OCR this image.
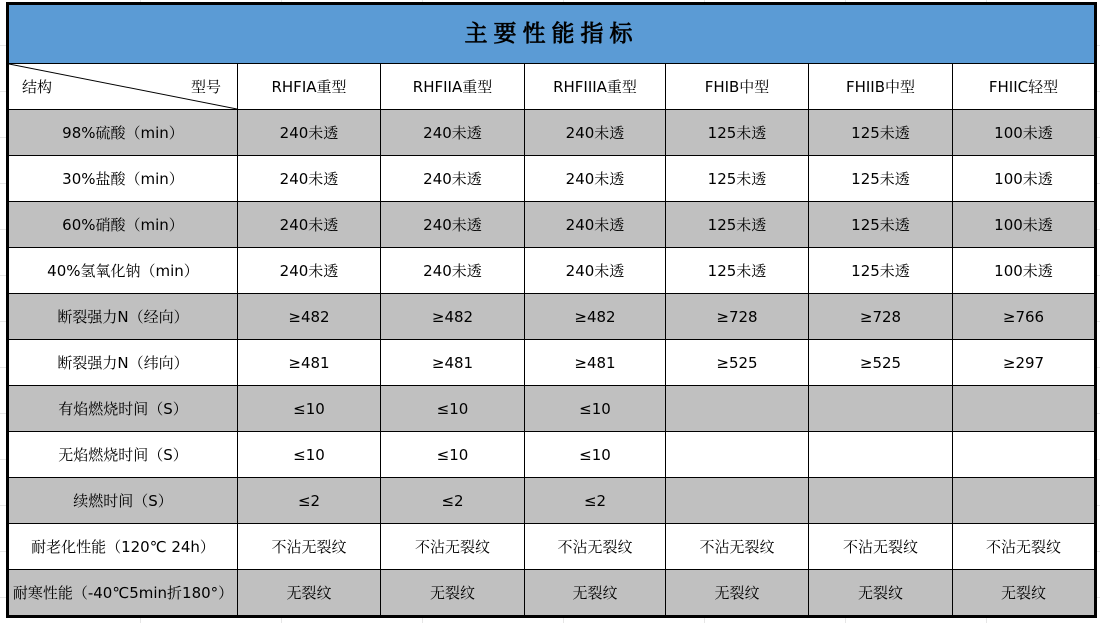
主要性能指标						

结构 型号	RHFIA重型	RHFIIA重型	RHFIIIA重型	FHIB中型	FHIIB中型	FHIIC轻型
98%硫酸（min）	240未透	240未透	240未透	125未透	125未透	100未透
30%盐酸（min）	240未透	240未透	240未透	125未透	125未透	100未透
60%硝酸（min）	240未透	240未透	240未透	125未透	125未透	100未透
40%氢氧化钠（min）	240未透	240未透	240未透	125未透	125未透	100未透
断裂强力N（经向）	≥482	≥482	≥482	≥728	≥728	≥766
断裂强力N（纬向）	≥481	≥481	≥481	≥525	≥525	≥297
有焰燃烧时间（S）	≤10	≤10	≤10			
无焰燃烧时间（S）	≤10	≤10	≤10			
续燃时间（S）	≤2	≤2	≤2			
耐老化性能（120℃ 24h）	不沾无裂纹	不沾无裂纹	不沾无裂纹	不沾无裂纹	不沾无裂纹	不沾无裂纹
耐寒性能（-40℃5min折180°）	无裂纹	无裂纹	无裂纹	无裂纹	无裂纹	无裂纹
